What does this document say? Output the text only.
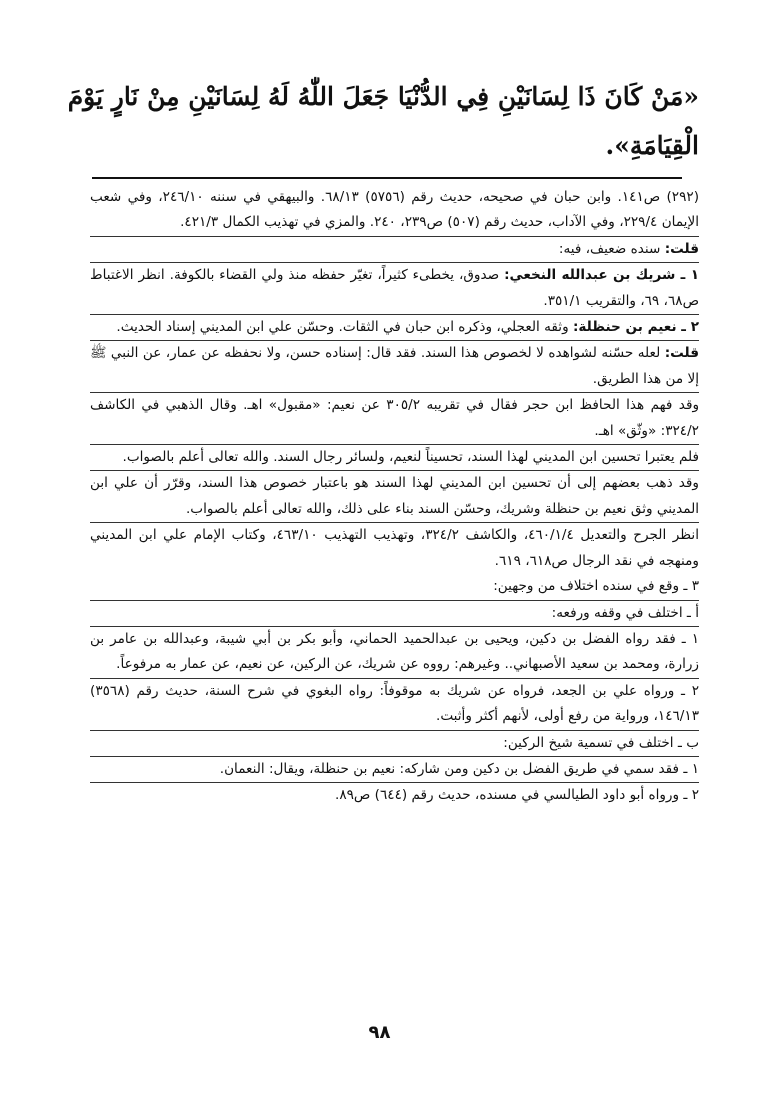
«مَنْ كَانَ ذَا لِسَانَيْنِ فِي الدُّنْيَا جَعَلَ اللّٰهُ لَهُ لِسَانَيْنِ مِنْ نَارٍ يَوْمَ الْقِيَامَةِ».

(٢٩٢) ص١٤١. وابن حبان في صحيحه، حديث رقم (٥٧٥٦) ٦٨/١٣. والبيهقي في سننه ٢٤٦/١٠، وفي شعب الإيمان ٢٢٩/٤، وفي الآداب، حديث رقم (٥٠٧) ص٢٣٩، ٢٤٠. والمزي في تهذيب الكمال ٤٢١/٣.

قلت: سنده ضعيف، فيه:

١ ـ شريك بن عبدالله النخعي: صدوق، يخطىء كثيراً، تغيّر حفظه منذ ولي القضاء بالكوفة. انظر الاغتباط ص٦٨، ٦٩، والتقريب ٣٥١/١.

٢ ـ نعيم بن حنظلة: وثقه العجلي، وذكره ابن حبان في الثقات. وحسّن علي ابن المديني إسناد الحديث.

قلت: لعله حسّنه لشواهده لا لخصوص هذا السند. فقد قال: إسناده حسن، ولا نحفظه عن عمار، عن النبي ﷺ إلا من هذا الطريق.

وقد فهم هذا الحافظ ابن حجر فقال في تقريبه ٣٠٥/٢ عن نعيم: «مقبول» اهـ. وقال الذهبي في الكاشف ٣٢٤/٢: «وثّق» اهـ.

فلم يعتبرا تحسين ابن المديني لهذا السند، تحسيناً لنعيم، ولسائر رجال السند. والله تعالى أعلم بالصواب.

وقد ذهب بعضهم إلى أن تحسين ابن المديني لهذا السند هو باعتبار خصوص هذا السند، وقرّر أن علي ابن المديني وثق نعيم بن حنظلة وشريك، وحسّن السند بناء على ذلك، والله تعالى أعلم بالصواب.

انظر الجرح والتعديل ٤٦٠/١/٤، والكاشف ٣٢٤/٢، وتهذيب التهذيب ٤٦٣/١٠، وكتاب الإمام علي ابن المديني ومنهجه في نقد الرجال ص٦١٨، ٦١٩.

٣ ـ وقع في سنده اختلاف من وجهين:

أ ـ اختلف في وقفه ورفعه:

١ ـ فقد رواه الفضل بن دكين، ويحيى بن عبدالحميد الحماني، وأبو بكر بن أبي شيبة، وعبدالله بن عامر بن زرارة، ومحمد بن سعيد الأصبهاني.. وغيرهم: رووه عن شريك، عن الركين، عن نعيم، عن عمار به مرفوعاً.

٢ ـ ورواه علي بن الجعد، فرواه عن شريك به موقوفاً: رواه البغوي في شرح السنة، حديث رقم (٣٥٦٨) ١٤٦/١٣، ورواية من رفع أولى، لأنهم أكثر وأثبت.

ب ـ اختلف في تسمية شيخ الركين:

١ ـ فقد سمي في طريق الفضل بن دكين ومن شاركه: نعيم بن حنظلة، ويقال: النعمان.

٢ ـ ورواه أبو داود الطيالسي في مسنده، حديث رقم (٦٤٤) ص٨٩.

٩٨
